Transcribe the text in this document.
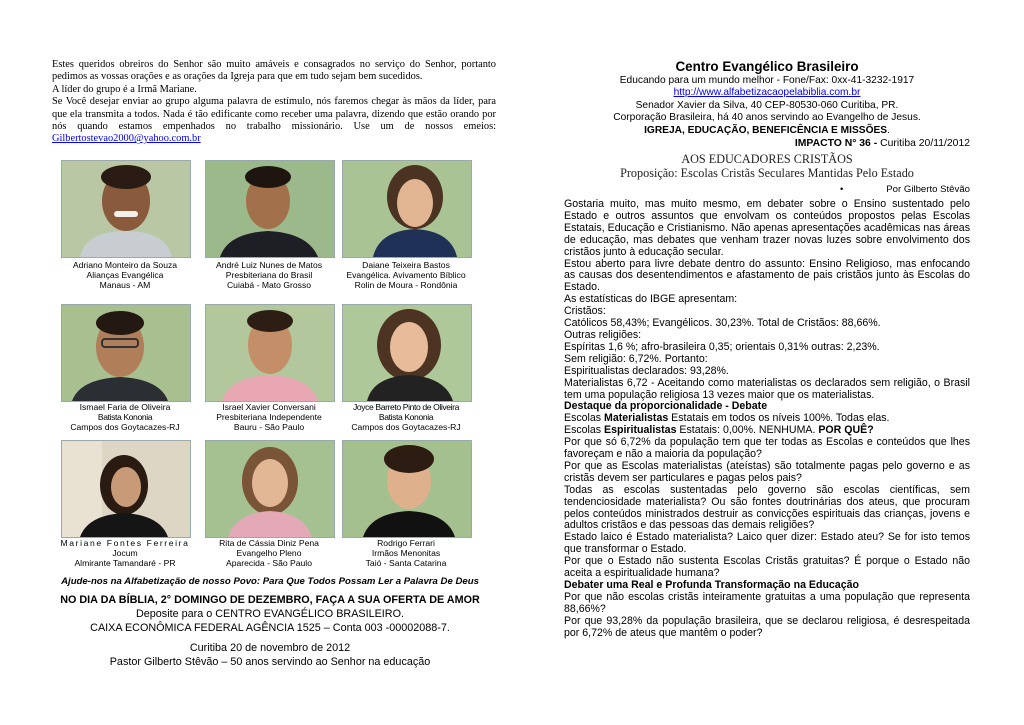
Estes queridos obreiros do Senhor são muito amáveis e consagrados no serviço do Senhor, portanto pedimos as vossas orações e as orações da Igreja para que em tudo sejam bem sucedidos.

A líder do grupo é a Irmã Mariane.

Se Você desejar enviar ao grupo alguma palavra de estímulo, nós faremos chegar às mãos da líder, para que ela transmita a todos. Nada é tão edificante como receber uma palavra, dizendo que estão orando por nós quando estamos empenhados no trabalho missionário. Use um de nossos emeios: Gilbertostevao2000@yahoo.com.br

Adriano Monteiro da Souza
Alianças Evangélica
Manaus - AM
André Luiz Nunes de Matos
Presbiteriana do Brasil
Cuiabá - Mato Grosso
Daiane Teixeira Bastos
Evangélica. Avivamento Bíblico
Rolin de Moura - Rondônia
Ismael Faria de Oliveira
Batista Kononia
Campos dos Goytacazes-RJ
Israel Xavier Conversani
Presbiteriana Independente
Bauru - São Paulo
Joyce Barreto Pinto de Oliveira
Batista Kononia
Campos dos Goytacazes-RJ
Mariane Fontes Ferreira
Jocum
Almirante Tamandaré - PR
Rita de Cássia Diniz Pena
Evangelho Pleno
Aparecida - São Paulo
Rodrigo Ferrari
Irmãos Menonitas
Taió - Santa Catarina
Ajude-nos na Alfabetização de nosso Povo: Para Que Todos Possam Ler a Palavra De Deus
NO DIA DA BÍBLIA, 2° DOMINGO DE DEZEMBRO, FAÇA A SUA OFERTA DE AMOR
Deposite para o CENTRO EVANGÉLICO BRASILEIRO.
CAIXA ECONÔMICA FEDERAL AGÊNCIA 1525 – Conta 003 -00002088-7.
Curitiba 20 de novembro de 2012
Pastor Gilberto Stêvão – 50 anos servindo ao Senhor na educação
Centro Evangélico Brasileiro
Educando para um mundo melhor - Fone/Fax: 0xx-41-3232-1917
http://www.alfabetizacaopelabiblia.com.br
Senador Xavier da Silva, 40 CEP-80530-060 Curitiba, PR.
Corporação Brasileira, há 40 anos servindo ao Evangelho de Jesus.
IGREJA, EDUCAÇÃO, BENEFICÊNCIA E MISSÕES.
IMPACTO N° 36 - Curitiba 20/11/2012
AOS EDUCADORES CRISTÃOS
Proposição: Escolas Cristãs Seculares Mantidas Pelo Estado
•	Por Gilberto Stêvão

Gostaria muito, mas muito mesmo, em debater sobre o Ensino sustentado pelo Estado e outros assuntos que envolvam os conteúdos propostos pelas Escolas Estatais, Educação e Cristianismo. Não apenas apresentações acadêmicas nas áreas de educação, mas debates que venham trazer novas luzes sobre envolvimento dos cristãos junto à educação secular.

Estou aberto para livre debate dentro do assunto: Ensino Religioso, mas enfocando as causas dos desentendimentos e afastamento de pais cristãos junto às Escolas do Estado.

As estatísticas do IBGE apresentam:

Cristãos:

Católicos 58,43%; Evangélicos. 30,23%. Total de Cristãos: 88,66%.

Outras religiões:

Espíritas 1,6 %; afro-brasileira 0,35; orientais 0,31% outras: 2,23%.

Sem religião: 6,72%. Portanto:

Espiritualistas declarados: 93,28%.

Materialistas 6,72 - Aceitando como materialistas os declarados sem religião, o Brasil tem uma população religiosa 13 vezes maior que os materialistas.

Destaque da proporcionalidade - Debate

Escolas Materialistas Estatais em todos os níveis 100%. Todas elas.

Escolas Espiritualistas Estatais: 0,00%. NENHUMA. POR QUÊ?

Por que só 6,72% da população tem que ter todas as Escolas e conteúdos que lhes favoreçam e não a maioria da população?

Por que as Escolas materialistas (ateístas) são totalmente pagas pelo governo e as cristãs devem ser particulares e pagas pelos pais?

Todas as escolas sustentadas pelo governo são escolas científicas, sem tendenciosidade materialista? Ou são fontes doutrinárias dos ateus, que procuram pelos conteúdos ministrados destruir as convicções espirituais das crianças, jovens e adultos cristãos e das pessoas das demais religiões?

Estado laico é Estado materialista? Laico quer dizer: Estado ateu? Se for isto temos que transformar o Estado.

Por que o Estado não sustenta Escolas Cristãs gratuitas? É porque o Estado não aceita a espiritualidade humana?

Debater uma Real e Profunda Transformação na Educação

Por que não escolas cristãs inteiramente gratuitas a uma população que representa 88,66%?

Por que 93,28% da população brasileira, que se declarou religiosa, é desrespeitada por 6,72% de ateus que mantêm o poder?
